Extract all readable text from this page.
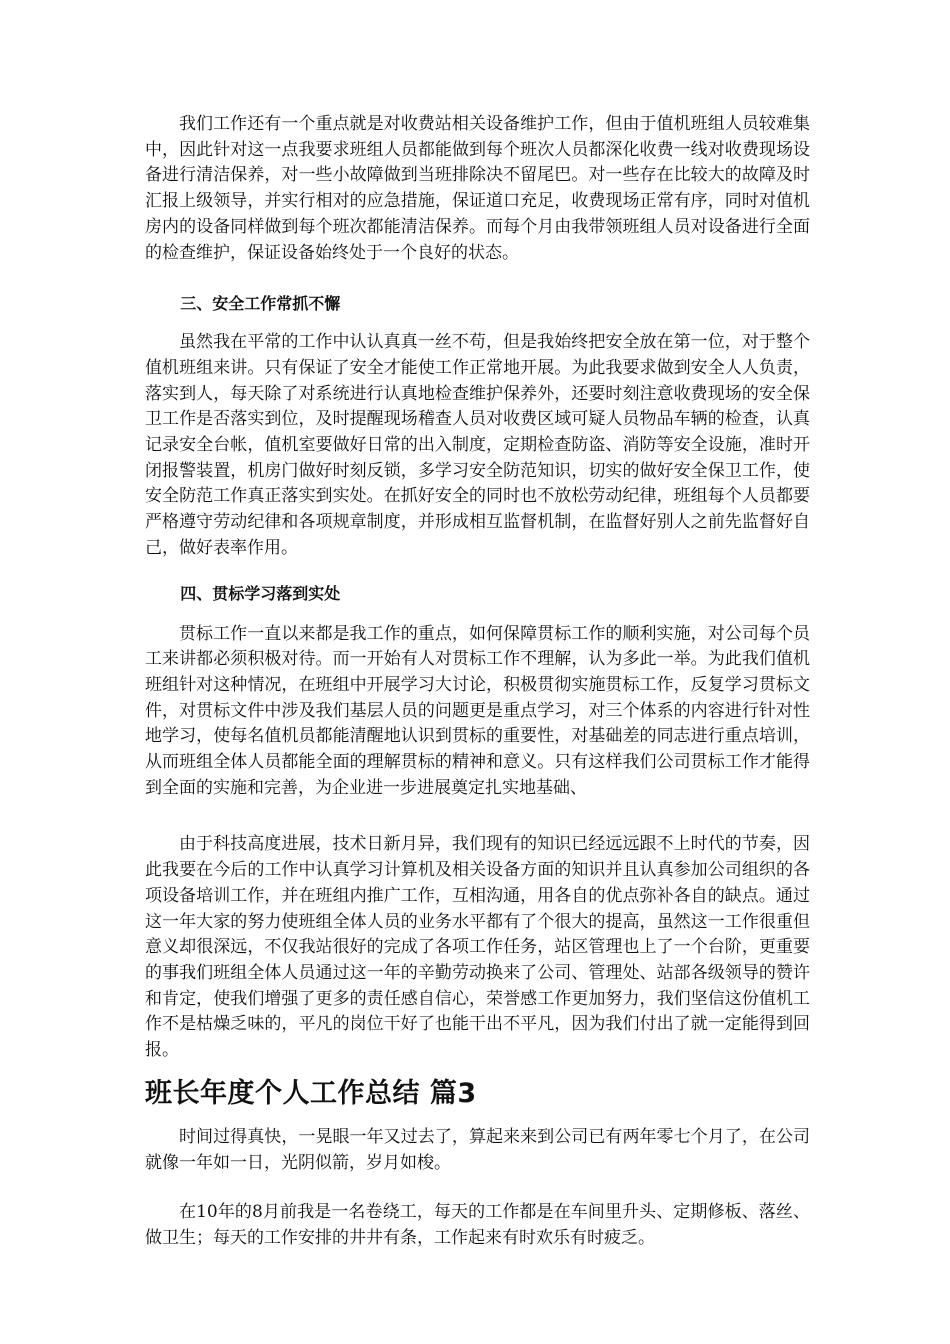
我们工作还有一个重点就是对收费站相关设备维护工作，但由于值机班组人员较难集中，因此针对这一点我要求班组人员都能做到每个班次人员都深化收费一线对收费现场设备进行清洁保养，对一些小故障做到当班排除决不留尾巴。对一些存在比较大的故障及时汇报上级领导，并实行相对的应急措施，保证道口充足，收费现场正常有序，同时对值机房内的设备同样做到每个班次都能清洁保养。而每个月由我带领班组人员对设备进行全面的检查维护，保证设备始终处于一个良好的状态。

三、安全工作常抓不懈

虽然我在平常的工作中认认真真一丝不苟，但是我始终把安全放在第一位，对于整个值机班组来讲。只有保证了安全才能使工作正常地开展。为此我要求做到安全人人负责，落实到人，每天除了对系统进行认真地检查维护保养外，还要时刻注意收费现场的安全保卫工作是否落实到位，及时提醒现场稽查人员对收费区域可疑人员物品车辆的检查，认真记录安全台帐，值机室要做好日常的出入制度，定期检查防盗、消防等安全设施，准时开闭报警装置，机房门做好时刻反锁，多学习安全防范知识，切实的做好安全保卫工作，使安全防范工作真正落实到实处。在抓好安全的同时也不放松劳动纪律，班组每个人员都要严格遵守劳动纪律和各项规章制度，并形成相互监督机制，在监督好别人之前先监督好自己，做好表率作用。

四、贯标学习落到实处

贯标工作一直以来都是我工作的重点，如何保障贯标工作的顺利实施，对公司每个员工来讲都必须积极对待。而一开始有人对贯标工作不理解，认为多此一举。为此我们值机班组针对这种情况，在班组中开展学习大讨论，积极贯彻实施贯标工作，反复学习贯标文件，对贯标文件中涉及我们基层人员的问题更是重点学习，对三个体系的内容进行针对性地学习，使每名值机员都能清醒地认识到贯标的重要性，对基础差的同志进行重点培训，从而班组全体人员都能全面的理解贯标的精神和意义。只有这样我们公司贯标工作才能得到全面的实施和完善，为企业进一步进展奠定扎实地基础、

由于科技高度进展，技术日新月异，我们现有的知识已经远远跟不上时代的节奏，因此我要在今后的工作中认真学习计算机及相关设备方面的知识并且认真参加公司组织的各项设备培训工作，并在班组内推广工作，互相沟通，用各自的优点弥补各自的缺点。通过这一年大家的努力使班组全体人员的业务水平都有了个很大的提高，虽然这一工作很重但意义却很深远，不仅我站很好的完成了各项工作任务，站区管理也上了一个台阶，更重要的事我们班组全体人员通过这一年的辛勤劳动换来了公司、管理处、站部各级领导的赞许和肯定，使我们增强了更多的责任感自信心，荣誉感工作更加努力，我们坚信这份值机工作不是枯燥乏味的，平凡的岗位干好了也能干出不平凡，因为我们付出了就一定能得到回报。

班长年度个人工作总结 篇3

时间过得真快，一晃眼一年又过去了，算起来来到公司已有两年零七个月了，在公司就像一年如一日，光阴似箭，岁月如梭。

在10年的8月前我是一名卷绕工，每天的工作都是在车间里升头、定期修板、落丝、做卫生；每天的工作安排的井井有条，工作起来有时欢乐有时疲乏。
